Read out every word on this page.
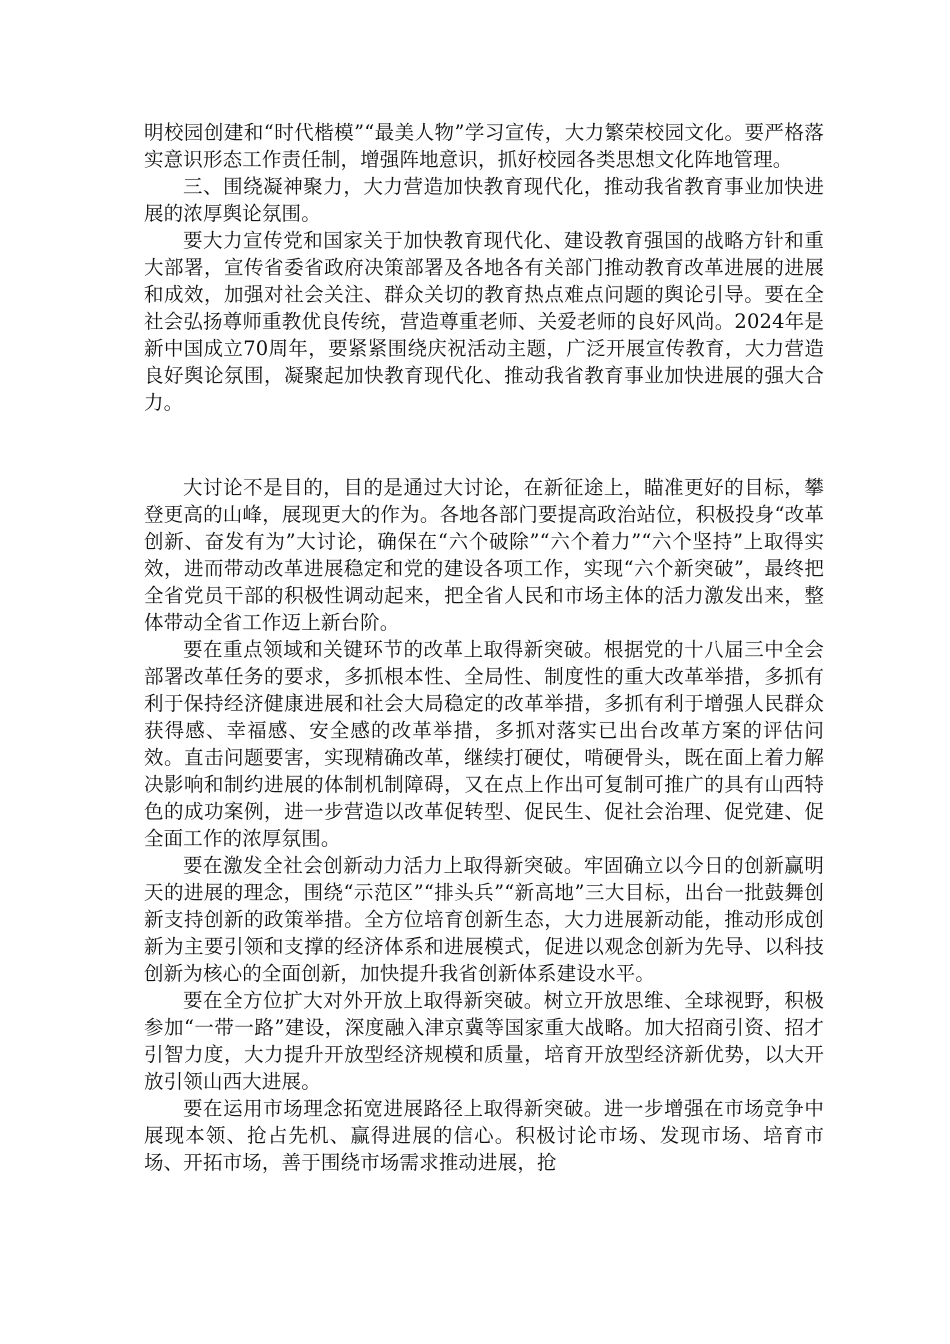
明校园创建和“时代楷模”“最美人物”学习宣传，大力繁荣校园文化。要严格落实意识形态工作责任制，增强阵地意识，抓好校园各类思想文化阵地管理。

三、围绕凝神聚力，大力营造加快教育现代化，推动我省教育事业加快进展的浓厚舆论氛围。

要大力宣传党和国家关于加快教育现代化、建设教育强国的战略方针和重大部署，宣传省委省政府决策部署及各地各有关部门推动教育改革进展的进展和成效，加强对社会关注、群众关切的教育热点难点问题的舆论引导。要在全社会弘扬尊师重教优良传统，营造尊重老师、关爱老师的良好风尚。2024年是新中国成立70周年，要紧紧围绕庆祝活动主题，广泛开展宣传教育，大力营造良好舆论氛围，凝聚起加快教育现代化、推动我省教育事业加快进展的强大合力。

大讨论不是目的，目的是通过大讨论，在新征途上，瞄准更好的目标，攀登更高的山峰，展现更大的作为。各地各部门要提高政治站位，积极投身“改革创新、奋发有为”大讨论，确保在“六个破除”“六个着力”“六个坚持”上取得实效，进而带动改革进展稳定和党的建设各项工作，实现“六个新突破”，最终把全省党员干部的积极性调动起来，把全省人民和市场主体的活力激发出来，整体带动全省工作迈上新台阶。

要在重点领域和关键环节的改革上取得新突破。根据党的十八届三中全会部署改革任务的要求，多抓根本性、全局性、制度性的重大改革举措，多抓有利于保持经济健康进展和社会大局稳定的改革举措，多抓有利于增强人民群众获得感、幸福感、安全感的改革举措，多抓对落实已出台改革方案的评估问效。直击问题要害，实现精确改革，继续打硬仗，啃硬骨头，既在面上着力解决影响和制约进展的体制机制障碍，又在点上作出可复制可推广的具有山西特色的成功案例，进一步营造以改革促转型、促民生、促社会治理、促党建、促全面工作的浓厚氛围。

要在激发全社会创新动力活力上取得新突破。牢固确立以今日的创新赢明天的进展的理念，围绕“示范区”“排头兵”“新高地”三大目标，出台一批鼓舞创新支持创新的政策举措。全方位培育创新生态，大力进展新动能，推动形成创新为主要引领和支撑的经济体系和进展模式，促进以观念创新为先导、以科技创新为核心的全面创新，加快提升我省创新体系建设水平。

要在全方位扩大对外开放上取得新突破。树立开放思维、全球视野，积极参加“一带一路”建设，深度融入津京冀等国家重大战略。加大招商引资、招才引智力度，大力提升开放型经济规模和质量，培育开放型经济新优势，以大开放引领山西大进展。

要在运用市场理念拓宽进展路径上取得新突破。进一步增强在市场竞争中展现本领、抢占先机、赢得进展的信心。积极讨论市场、发现市场、培育市场、开拓市场，善于围绕市场需求推动进展，抢
